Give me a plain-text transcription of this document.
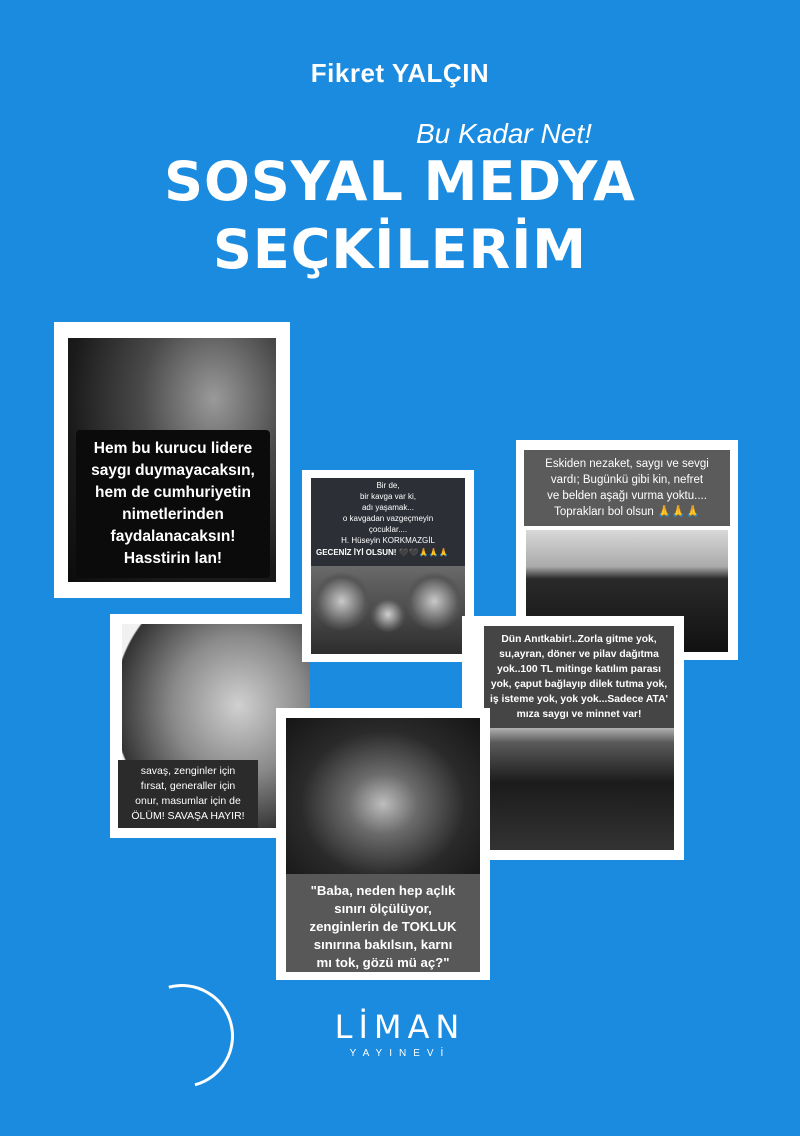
Fikret YALÇIN
Bu Kadar Net!
SOSYAL MEDYA
SEÇKİLERİM
Hem bu kurucu lidere
saygı duymayacaksın,
hem de cumhuriyetin
nimetlerinden
faydalanacaksın!
Hasstirin lan!
Eskiden nezaket, saygı ve sevgi
vardı; Bugünkü gibi kin, nefret
ve belden aşağı vurma yoktu....
Toprakları bol olsun 🙏🙏🙏
savaş, zenginler için
fırsat, generaller için
onur, masumlar için de
ÖLÜM! SAVAŞA HAYIR!
Bir de,
bir kavga var ki,
adı yaşamak...
o kavgadan vazgeçmeyin
çocuklar....
H. Hüseyin KORKMAZGİL
GECENİZ İYİ OLSUN! 🖤🖤🙏🙏🙏
Dün Anıtkabir!..Zorla gitme yok,
su,ayran, döner ve pilav dağıtma
yok..100 TL mitinge katılım parası
yok, çaput bağlayıp dilek tutma yok,
iş isteme yok, yok yok...Sadece ATA'
mıza saygı ve minnet var!
"Baba, neden hep açlık
sınırı ölçülüyor,
zenginlerin de TOKLUK
sınırına bakılsın, karnı
mı tok, gözü mü aç?"
LİMAN
YAYINEVİ
